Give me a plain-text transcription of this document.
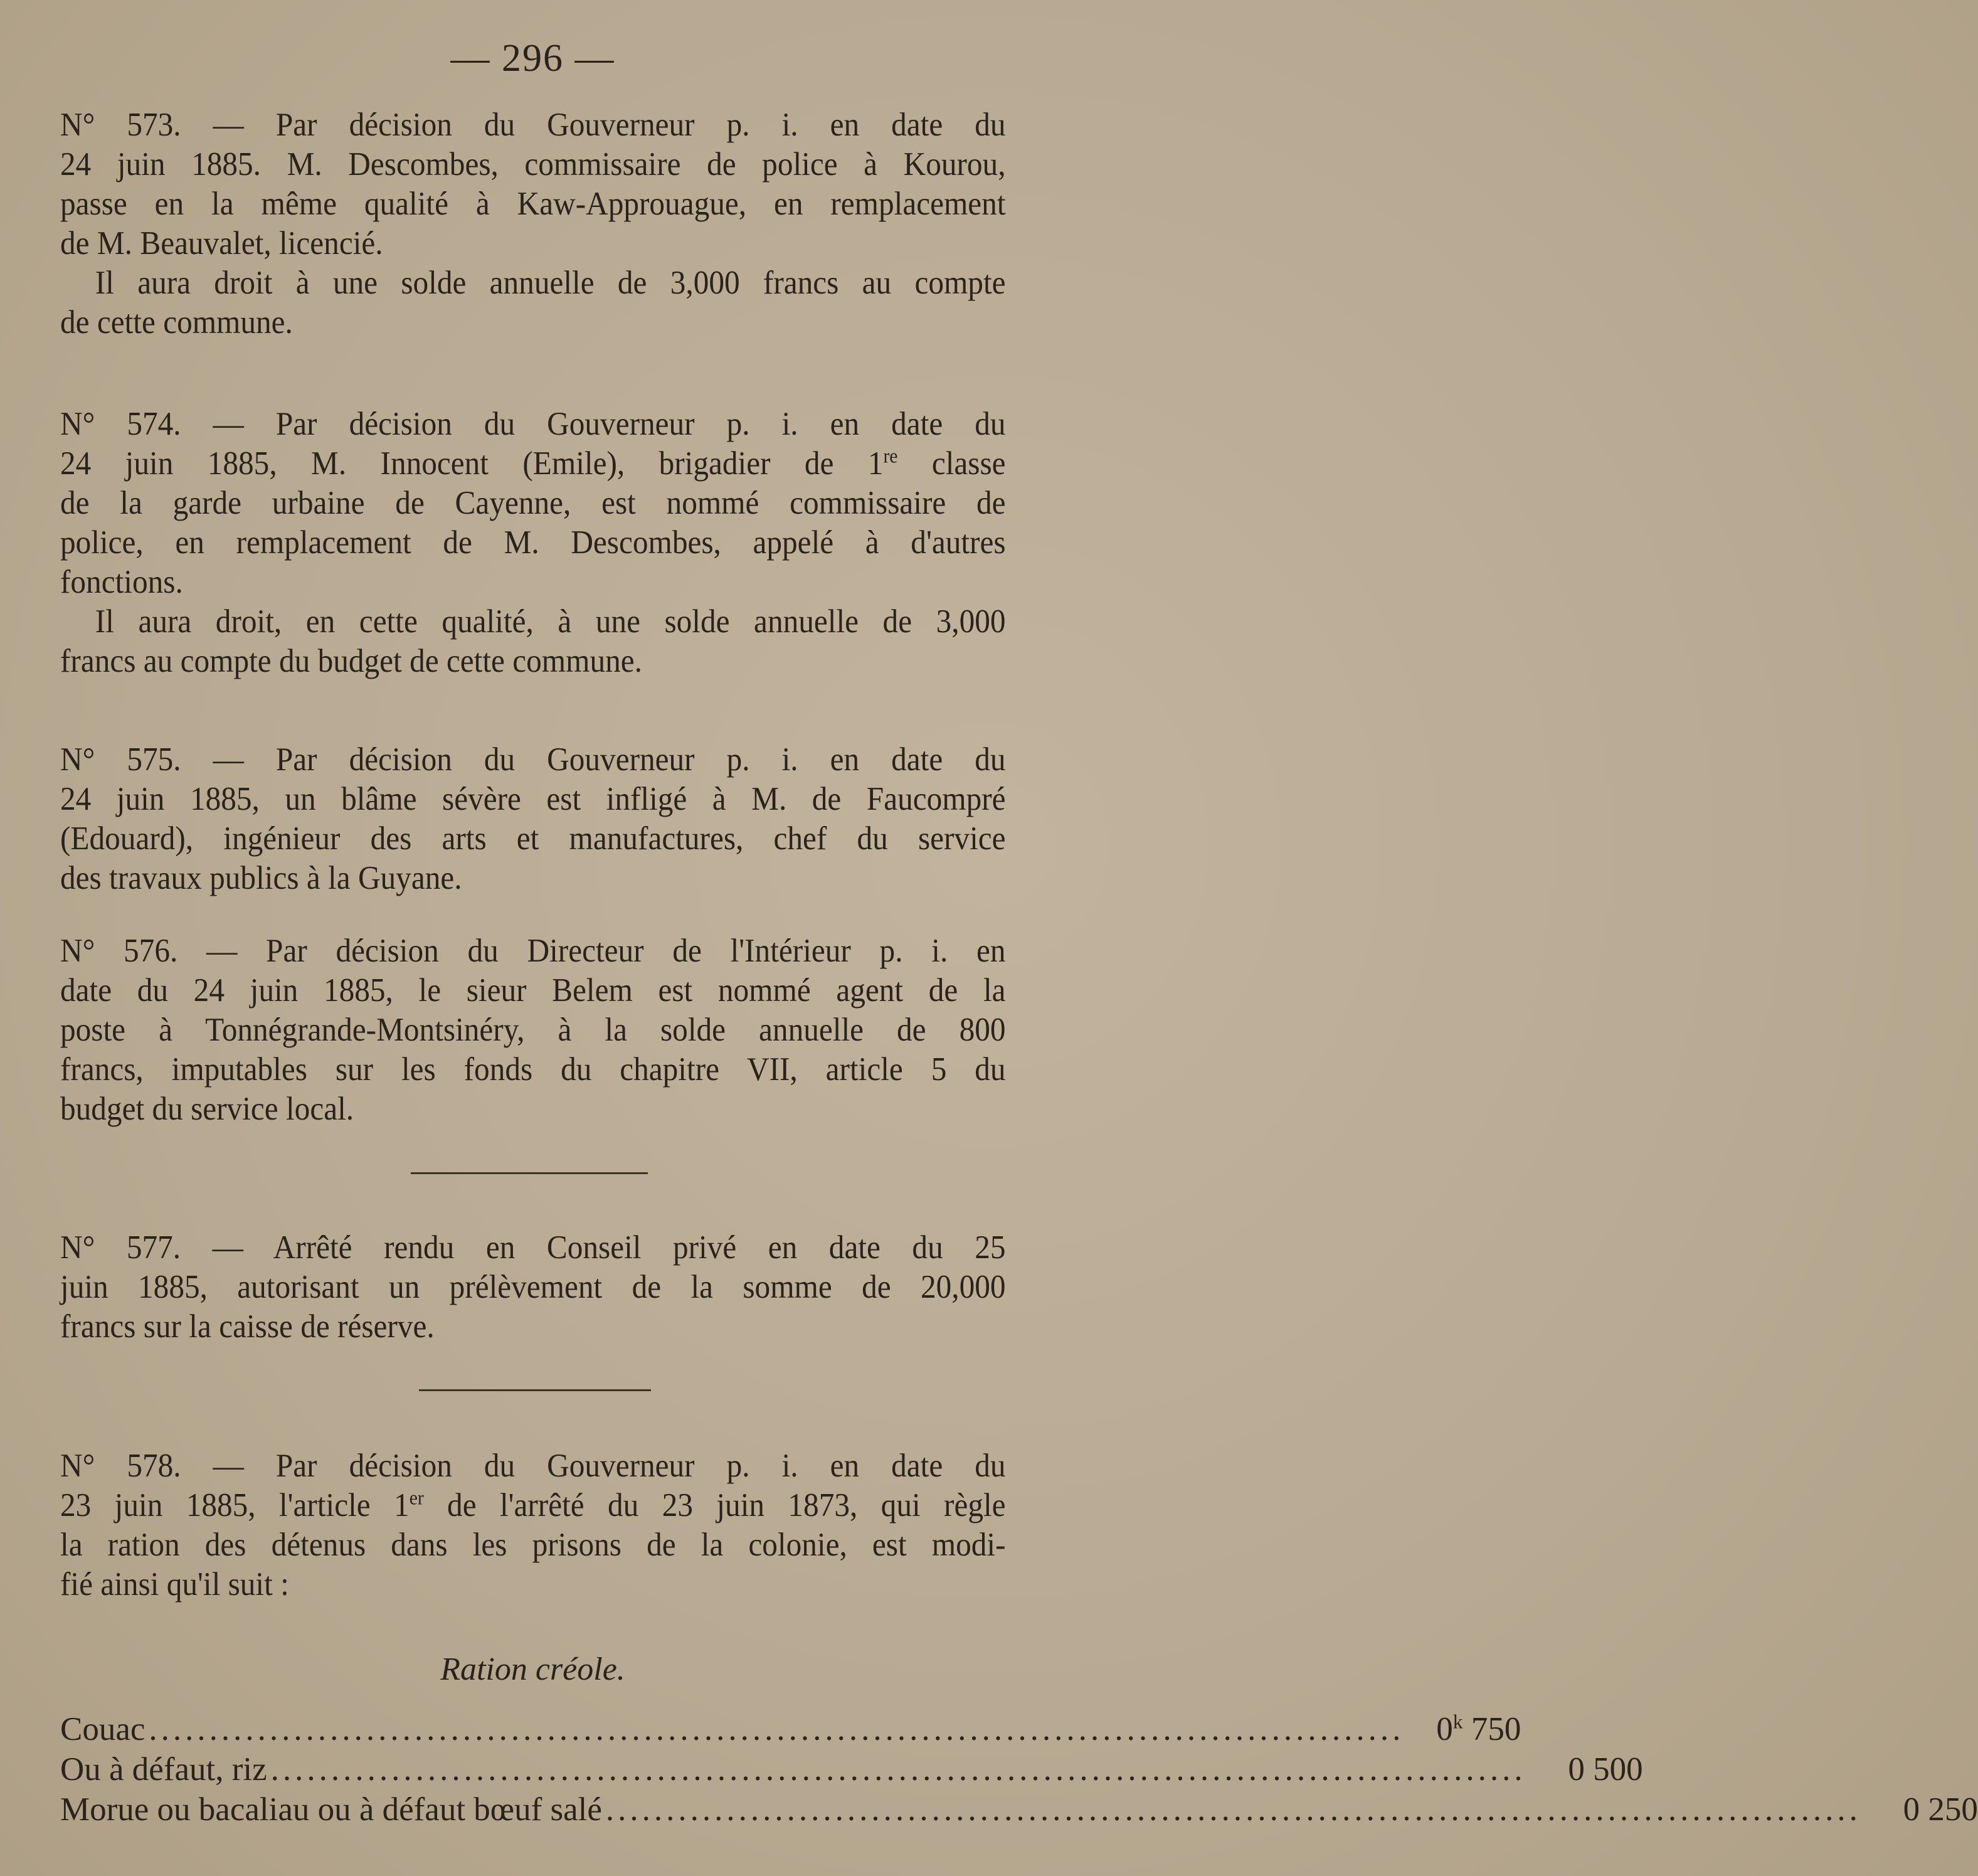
— 296 —
N° 573. — Par décision du Gouverneur p. i. en date du
24 juin 1885. M. Descombes, commissaire de police à Kourou,
passe en la même qualité à Kaw-Approuague, en remplacement
de M. Beauvalet, licencié.
Il aura droit à une solde annuelle de 3,000 francs au compte
de cette commune.
N° 574. — Par décision du Gouverneur p. i. en date du
24 juin 1885, M. Innocent (Emile), brigadier de 1re classe
de la garde urbaine de Cayenne, est nommé commissaire de
police, en remplacement de M. Descombes, appelé à d'autres
fonctions.
Il aura droit, en cette qualité, à une solde annuelle de 3,000
francs au compte du budget de cette commune.
N° 575. — Par décision du Gouverneur p. i. en date du
24 juin 1885, un blâme sévère est infligé à M. de Faucompré
(Edouard), ingénieur des arts et manufactures, chef du service
des travaux publics à la Guyane.
N° 576. — Par décision du Directeur de l'Intérieur p. i. en
date du 24 juin 1885, le sieur Belem est nommé agent de la
poste à Tonnégrande-Montsinéry, à la solde annuelle de 800
francs, imputables sur les fonds du chapitre VII, article 5 du
budget du service local.
N° 577. — Arrêté rendu en Conseil privé en date du 25
juin 1885, autorisant un prélèvement de la somme de 20,000
francs sur la caisse de réserve.
N° 578. — Par décision du Gouverneur p. i. en date du
23 juin 1885, l'article 1er de l'arrêté du 23 juin 1873, qui règle
la ration des détenus dans les prisons de la colonie, est modi-
fié ainsi qu'il suit :
Ration créole.
Couac ........................................................................................................ 0$^k$ 750
Ou à défaut, riz ........................................................................................................	0 500
Morue ou bacaliau ou à défaut bœuf salé ........................................................................................................	0 250
